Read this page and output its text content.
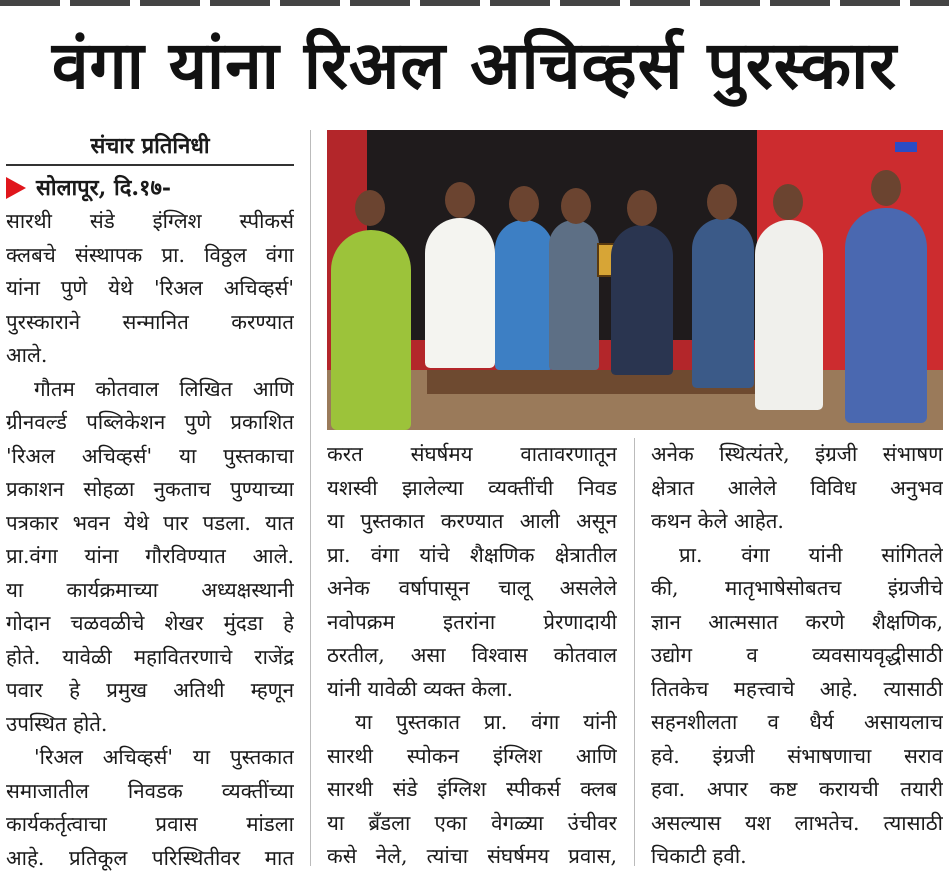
वंगा यांना रिअल अचिव्हर्स पुरस्कार
संचार प्रतिनिधी
सोलापूर, दि.१७-
सारथी संडे इंग्लिश स्पीकर्स
क्लबचे संस्थापक प्रा. विठ्ठल वंगा
यांना पुणे येथे 'रिअल अचिव्हर्स'
पुरस्काराने सन्मानित करण्यात
आले.
गौतम कोतवाल लिखित आणि
ग्रीनवर्ल्ड पब्लिकेशन पुणे प्रकाशित
'रिअल अचिव्हर्स' या पुस्तकाचा
प्रकाशन सोहळा नुकताच पुण्याच्या
पत्रकार भवन येथे पार पडला. यात
प्रा.वंगा यांना गौरविण्यात आले.
या कार्यक्रमाच्या अध्यक्षस्थानी
गोदान चळवळीचे शेखर मुंदडा हे
होते. यावेळी महावितरणाचे राजेंद्र
पवार हे प्रमुख अतिथी म्हणून
उपस्थित होते.
'रिअल अचिव्हर्स' या पुस्तकात
समाजातील निवडक व्यक्तींच्या
कार्यकर्तृत्वाचा प्रवास मांडला
आहे. प्रतिकूल परिस्थितीवर मात
करत संघर्षमय वातावरणातून
यशस्वी झालेल्या व्यक्तींची निवड
या पुस्तकात करण्यात आली असून
प्रा. वंगा यांचे शैक्षणिक क्षेत्रातील
अनेक वर्षापासून चालू असलेले
नवोपक्रम इतरांना प्रेरणादायी
ठरतील, असा विश्वास कोतवाल
यांनी यावेळी व्यक्त केला.
या पुस्तकात प्रा. वंगा यांनी
सारथी स्पोकन इंग्लिश आणि
सारथी संडे इंग्लिश स्पीकर्स क्लब
या ब्रँडला एका वेगळ्या उंचीवर
कसे नेले, त्यांचा संघर्षमय प्रवास,
अनेक स्थित्यंतरे, इंग्रजी संभाषण
क्षेत्रात आलेले विविध अनुभव
कथन केले आहेत.
प्रा. वंगा यांनी सांगितले
की, मातृभाषेसोबतच इंग्रजीचे
ज्ञान आत्मसात करणे शैक्षणिक,
उद्योग व व्यवसायवृद्धीसाठी
तितकेच महत्त्वाचे आहे. त्यासाठी
सहनशीलता व धैर्य असायलाच
हवे. इंग्रजी संभाषणाचा सराव
हवा. अपार कष्ट करायची तयारी
असल्यास यश लाभतेच. त्यासाठी
चिकाटी हवी.
